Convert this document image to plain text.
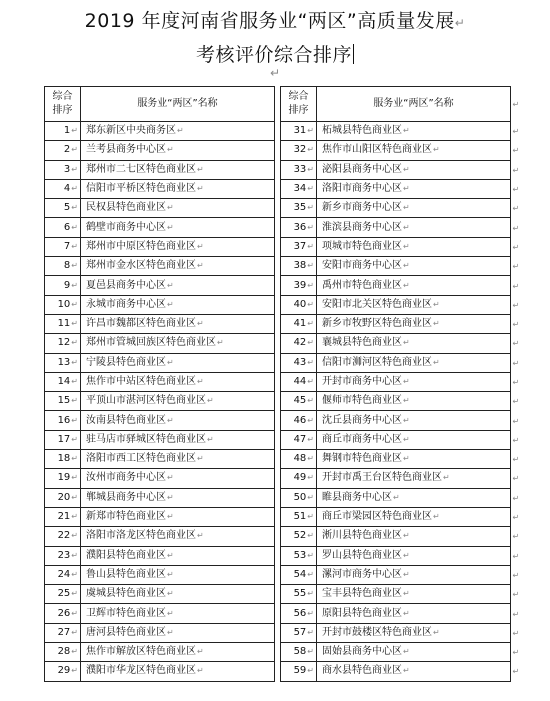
2019 年度河南省服务业“两区”高质量发展↵
考核评价综合排序
↵
综合
排序	服务业“两区”名称
1↵	郑东新区中央商务区↵
2↵	兰考县商务中心区↵
3↵	郑州市二七区特色商业区↵
4↵	信阳市平桥区特色商业区↵
5↵	民权县特色商业区↵
6↵	鹤壁市商务中心区↵
7↵	郑州市中原区特色商业区↵
8↵	郑州市金水区特色商业区↵
9↵	夏邑县商务中心区↵
10↵	永城市商务中心区↵
11↵	许昌市魏都区特色商业区↵
12↵	郑州市管城回族区特色商业区↵
13↵	宁陵县特色商业区↵
14↵	焦作市中站区特色商业区↵
15↵	平顶山市湛河区特色商业区↵
16↵	汝南县特色商业区↵
17↵	驻马店市驿城区特色商业区↵
18↵	洛阳市西工区特色商业区↵
19↵	汝州市商务中心区↵
20↵	郸城县商务中心区↵
21↵	新郑市特色商业区↵
22↵	洛阳市洛龙区特色商业区↵
23↵	濮阳县特色商业区↵
24↵	鲁山县特色商业区↵
25↵	虞城县特色商业区↵
26↵	卫辉市特色商业区↵
27↵	唐河县特色商业区↵
28↵	焦作市解放区特色商业区↵
29↵	濮阳市华龙区特色商业区↵
综合
排序	服务业“两区”名称
31↵	柘城县特色商业区↵
32↵	焦作市山阳区特色商业区↵
33↵	泌阳县商务中心区↵
34↵	洛阳市商务中心区↵
35↵	新乡市商务中心区↵
36↵	淮滨县商务中心区↵
37↵	项城市特色商业区↵
38↵	安阳市商务中心区↵
39↵	禹州市特色商业区↵
40↵	安阳市北关区特色商业区↵
41↵	新乡市牧野区特色商业区↵
42↵	襄城县特色商业区↵
43↵	信阳市浉河区特色商业区↵
44↵	开封市商务中心区↵
45↵	偃师市特色商业区↵
46↵	沈丘县商务中心区↵
47↵	商丘市商务中心区↵
48↵	舞钢市特色商业区↵
49↵	开封市禹王台区特色商业区↵
50↵	睢县商务中心区↵
51↵	商丘市梁园区特色商业区↵
52↵	淅川县特色商业区↵
53↵	罗山县特色商业区↵
54↵	漯河市商务中心区↵
55↵	宝丰县特色商业区↵
56↵	原阳县特色商业区↵
57↵	开封市鼓楼区特色商业区↵
58↵	固始县商务中心区↵
59↵	商水县特色商业区↵
↵
↵
↵
↵
↵
↵
↵
↵
↵
↵
↵
↵
↵
↵
↵
↵
↵
↵
↵
↵
↵
↵
↵
↵
↵
↵
↵
↵
↵
↵
